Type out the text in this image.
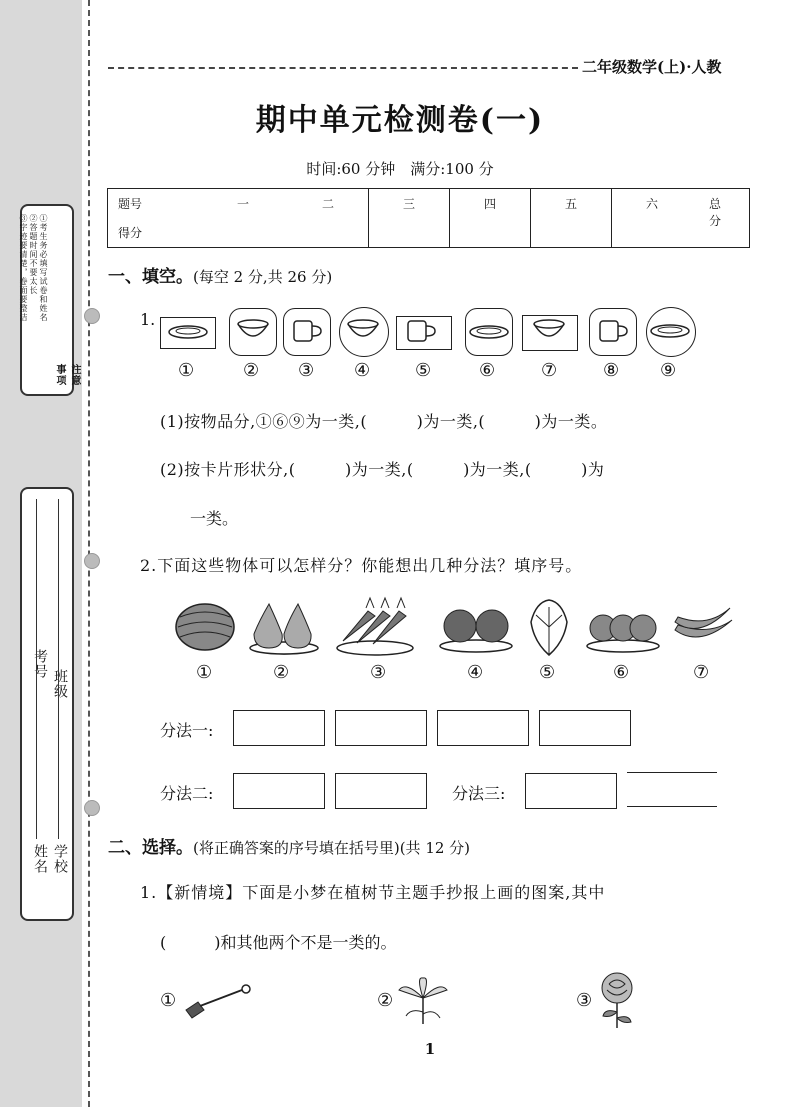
注意事项
①考生务必填写试卷和姓名
②答题时间不要太长
③字迹要清楚，卷面要整洁
学校
姓名
班级
考号
二年级数学(上)·人教
期中单元检测卷(一)
时间:60 分钟　满分:100 分
题号	一	二	三	四	五	六	总分
得分
一、填空。(每空 2 分,共 26 分)
1.
①	② ③ ④ ⑤	⑥	⑦	⑧ ⑨
(1)按物品分,①⑥⑨为一类,(　　　)为一类,(　　　)为一类。
(2)按卡片形状分,(　　　)为一类,(　　　)为一类,(　　　)为
一类。
2.下面这些物体可以怎样分？你能想出几种分法？填序号。
①	②	③	④	⑤	⑥	⑦
分法一:
分法二:	分法三:
二、选择。(将正确答案的序号填在括号里)(共 12 分)
1.【新情境】下面是小梦在植树节主题手抄报上画的图案,其中
(　　　)和其他两个不是一类的。
①	②	③
1
